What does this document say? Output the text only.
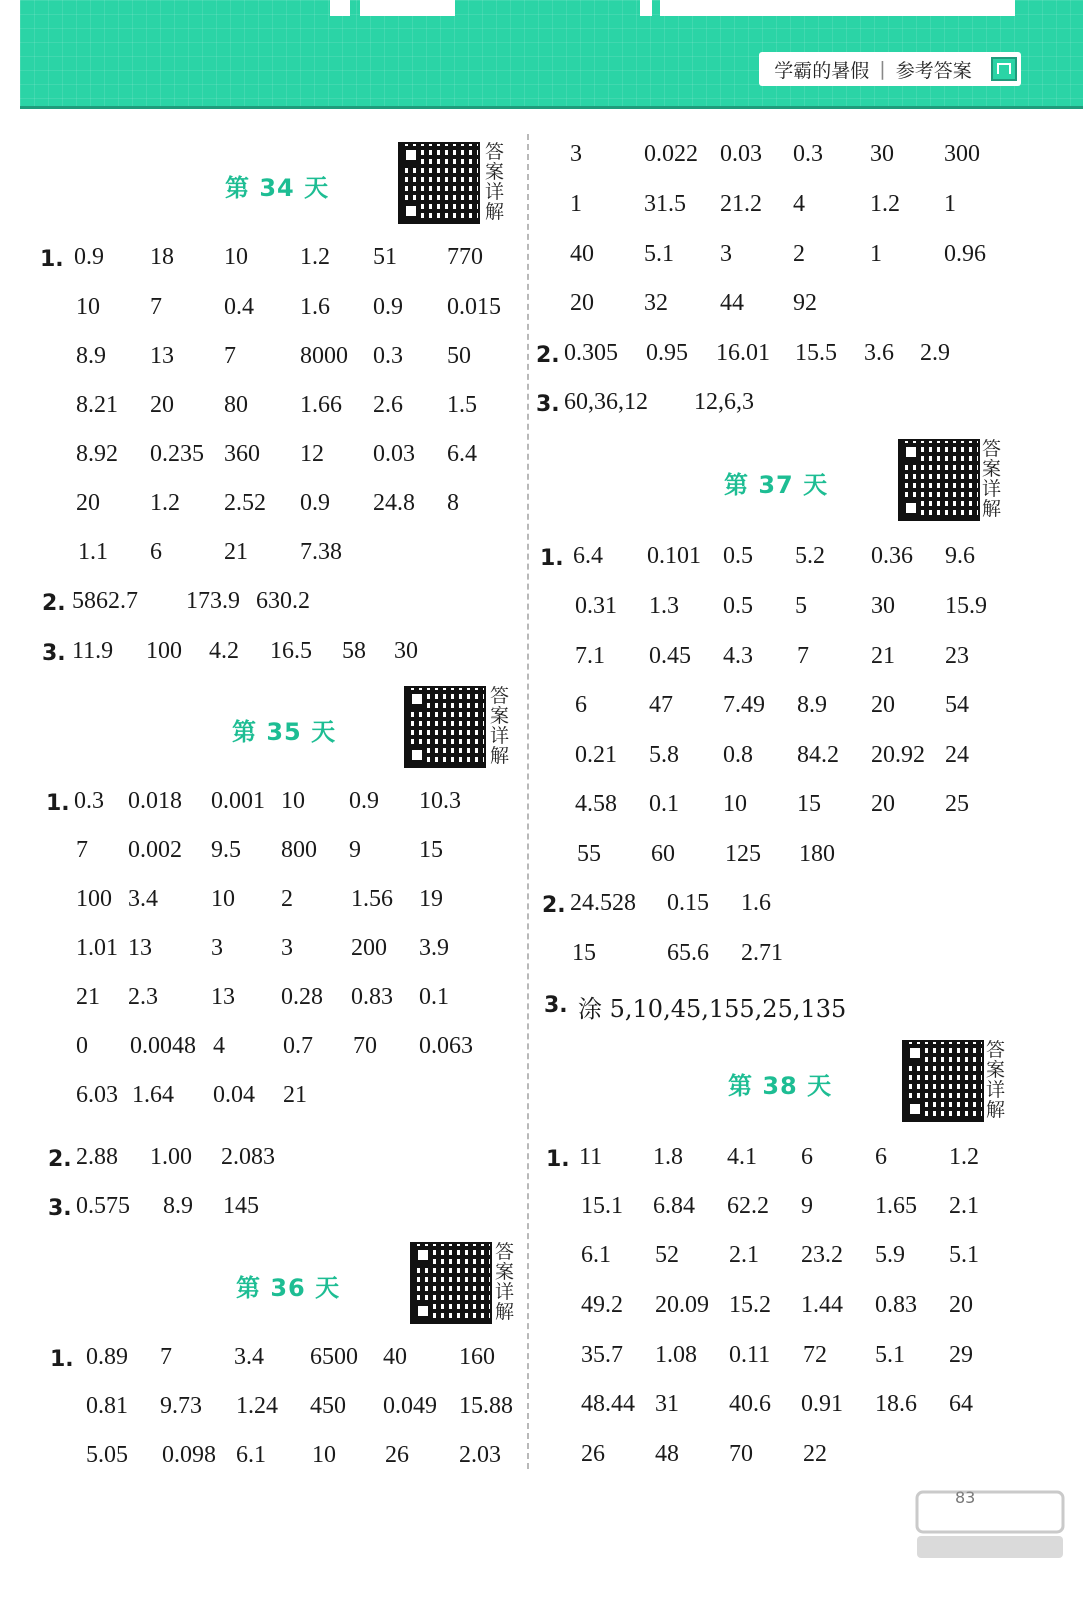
学霸的暑假 | 参考答案
第 34 天
答案详解
1. 0.9 18 10 1.2 51 770
10 7	0.4 1.6 0.9 0.015
8.9 13 7	8000 0.3 50
8.21 20 80 1.66 2.6 1.5
8.92 0.235 360 12 0.03 6.4
20 1.2 2.52 0.9 24.8 8
1.1 6	21 7.38
2. 5862.7 173.9 630.2
3. 11.9 100 4.2 16.5 58 30
第 35 天
答案详解
1. 0.3 0.018 0.001 10 0.9 10.3
7 0.002 9.5 800 9 15
100 3.4 10 2 1.56 19
1.01 13 3 3 200 3.9
21 2.3 13 0.28 0.83 0.1
0 0.0048 4 0.7 70 0.063
6.03 1.64 0.04 21
2. 2.88 1.00 2.083
3. 0.575 8.9 145
第 36 天
答案详解
1. 0.89 7	3.4 6500 40 160
0.81 9.73 1.24 450 0.049 15.88
5.05 0.098 6.1 10 26 2.03
3	0.022 0.03 0.3 30 300
1	31.5 21.2 4	1.2 1
40 5.1 3	2	1	0.96
20 32 44 92
2. 0.305 0.95 16.01 15.5 3.6 2.9
3. 60,36,12 12,6,3
第 37 天
答案详解
1. 6.4 0.101 0.5 5.2 0.36 9.6
0.31 1.3 0.5 5	30 15.9
7.1 0.45 4.3 7	21 23
6	47 7.49 8.9 20 54
0.21 5.8 0.8 84.2 20.92 24
4.58 0.1 10 15 20 25
55 60 125 180
2. 24.528 0.15 1.6
15	65.6 2.71
3. 涂 5,10,45,155,25,135
第 38 天
答案详解
1. 11 1.8 4.1 6	6	1.2
15.1 6.84 62.2 9	1.65 2.1
6.1 52 2.1 23.2 5.9 5.1
49.2 20.09 15.2 1.44 0.83 20
35.7 1.08 0.11 72 5.1 29
48.44 31 40.6 0.91 18.6 64
26 48 70 22
83
